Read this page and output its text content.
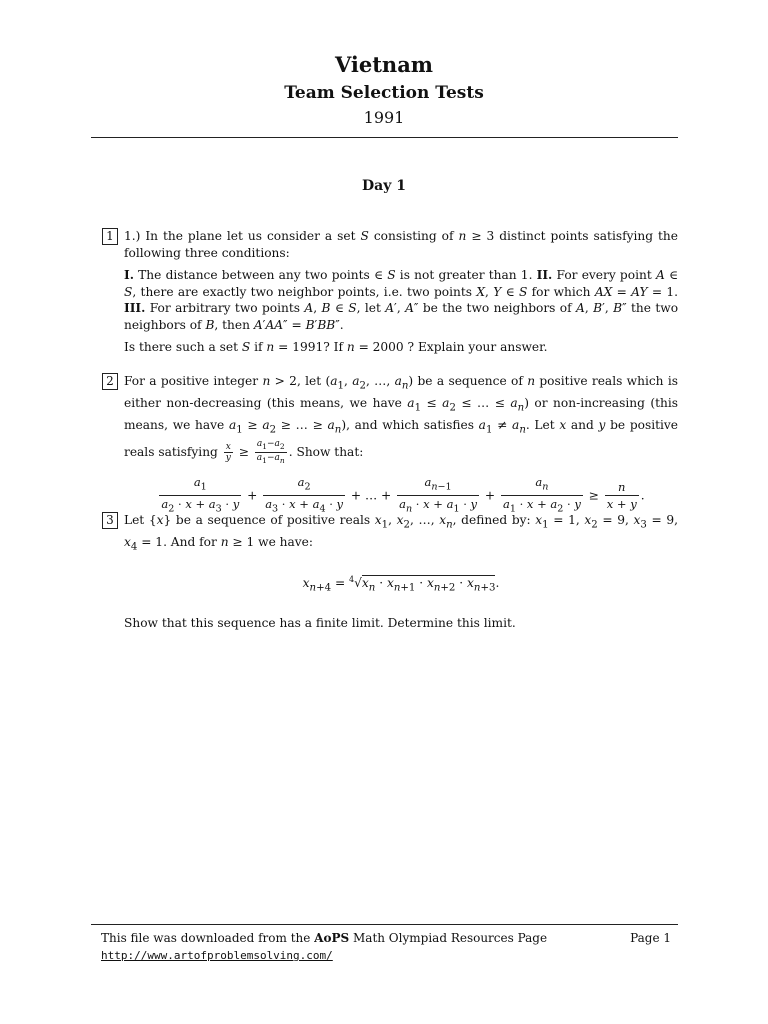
Vietnam
Team Selection Tests
1991
Day 1
1 1.) In the plane let us consider a set S consisting of n ≥ 3 distinct points satisfying the following three conditions:

I. The distance between any two points ∈ S is not greater than 1. II. For every point A ∈ S, there are exactly two neighbor points, i.e. two points X, Y ∈ S for which AX = AY = 1. III. For arbitrary two points A, B ∈ S, let A′, A″ be the two neighbors of A, B′, B″ the two neighbors of B, then A′AA″ = B′BB″.

Is there such a set S if n = 1991? If n = 2000 ? Explain your answer.

2 For a positive integer n > 2, let ($a_1$, $a_2$, …, $a_n$) be a sequence of n positive reals which is either non-decreasing (this means, we have $a_1 \le a_2$ ≤ … ≤ $a_n$) or non-increasing (this means, we have $a_1 \ge a_2$ ≥ … ≥ $a_n$), and which satisfies $a_1 \ne a_n$. Let x and y be positive reals satisfying $\frac{x}{y} \ge \frac{a_1-a_2}{a_1-a_n}$ . Show that:

$\frac{a_1}{a_2 \cdot x + a_3 \cdot y} + \frac{a_2}{a_3 \cdot x + a_4 \cdot y}$ + … + $\frac{a_{n-1}}{a_n \cdot x + a_1 \cdot y} + \frac{a_n}{a_1 \cdot x + a_2 \cdot y} \ge \frac{n}{x + y}$ .
3 Let {x} be a sequence of positive reals $x_1$, $x_2$, …, $x_n$, defined by: $x_1 = 1$, $x_2 = 9$, $x_3 = 9$, $x_4 = 1$. And for n ≥ 1 we have:

$x_{n+4} = ^4√x_n \cdot x_{n+1} \cdot x_{n+2} \cdot x_{n+3}$.

Show that this sequence has a finite limit. Determine this limit.

This file was downloaded from the AoPS Math Olympiad Resources Page
http://www.artofproblemsolving.com/
Page 1
